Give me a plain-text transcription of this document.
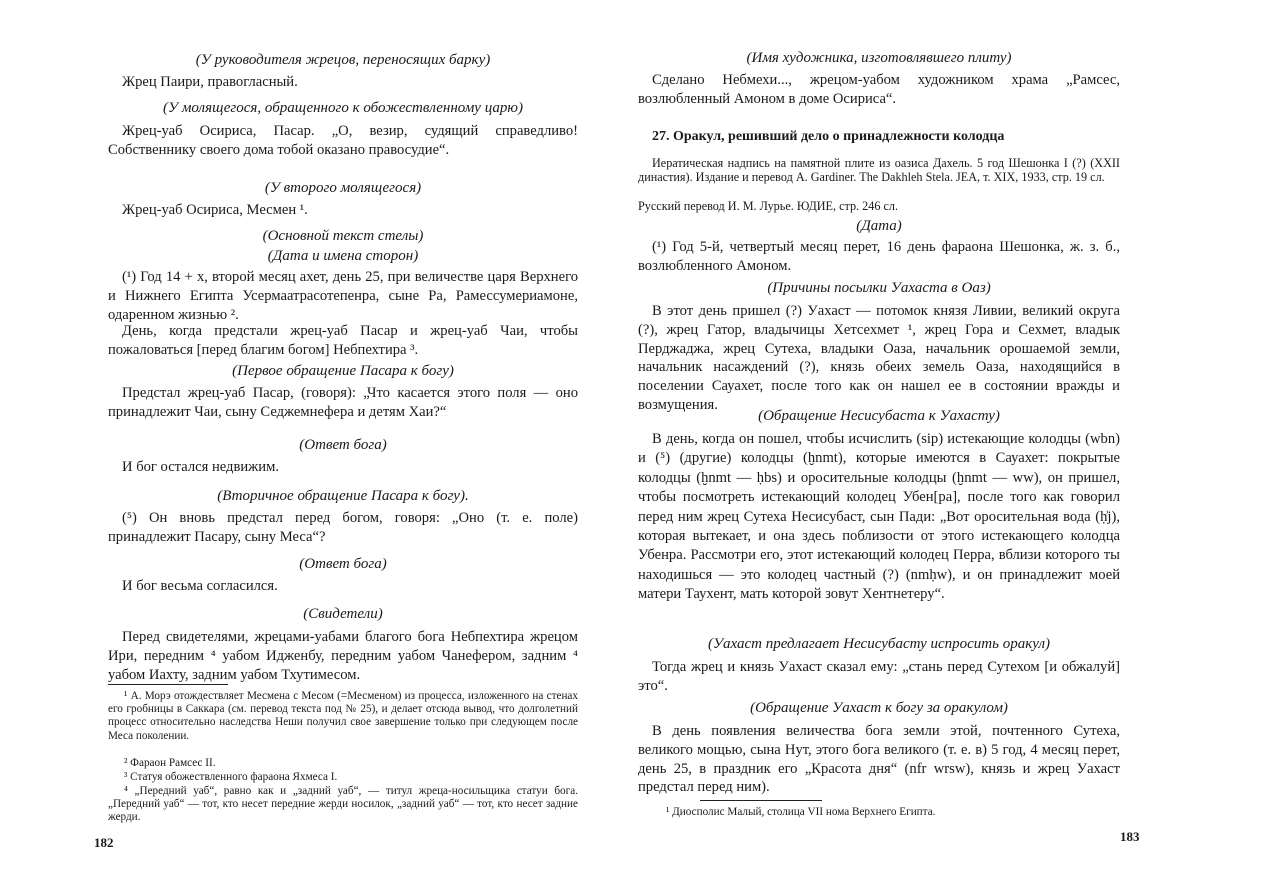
(У руководителя жрецов, переносящих барку)

Жрец Паири, правогласный.

(У молящегося, обращенного к обожествленному царю)

Жрец-уаб Осириса, Пасар. „О, везир, судящий справедливо! Собственнику своего дома тобой оказано правосудие“.

(У второго молящегося)

Жрец-уаб Осириса, Месмен ¹.

(Основной текст стелы)

(Дата и имена сторон)

(¹) Год 14 + x, второй месяц ахет, день 25, при величестве царя Верхнего и Нижнего Египта Усермаатрасотепенра, сыне Ра, Рамессумериамоне, одаренном жизнью ².

День, когда предстали жрец-уаб Пасар и жрец-уаб Чаи, чтобы пожаловаться [перед благим богом] Небпехтира ³.

(Первое обращение Пасара к богу)

Предстал жрец-уаб Пасар, (говоря): „Что касается этого поля — оно принадлежит Чаи, сыну Седжемнефера и детям Хаи?“

(Ответ бога)

И бог остался недвижим.

(Вторичное обращение Пасара к богу).

(⁵) Он вновь предстал перед богом, говоря: „Оно (т. е. поле) принадлежит Пасару, сыну Меса“?

(Ответ бога)

И бог весьма согласился.

(Свидетели)

Перед свидетелями, жрецами-уабами благого бога Небпехтира жрецом Ири, передним ⁴ уабом Идженбу, передним уабом Чанефером, задним ⁴ уабом Иахту, задним уабом Тхутимесом.

¹ А. Морэ отождествляет Месмена с Месом (=Месменом) из процесса, изложенного на стенах его гробницы в Саккара (см. перевод текста под № 25), и делает отсюда вывод, что долголетний процесс относительно наследства Неши получил свое завершение только при следующем после Меса поколении.

² Фараон Рамсес II.

³ Статуя обожествленного фараона Яхмеса I.

⁴ „Передний уаб“, равно как и „задний уаб“, — титул жреца-носильщика статуи бога. „Передний уаб“ — тот, кто несет передние жерди носилок, „задний уаб“ — тот, кто несет задние жерди.

182

(Имя художника, изготовлявшего плиту)

Сделано Небмехи..., жрецом-уабом художником храма „Рамсес, возлюбленный Амоном в доме Осириса“.

27. Оракул, решивший дело о принадлежности колодца

Иератическая надпись на памятной плите из оазиса Дахель. 5 год Шешонка I (?) (XXII династия). Издание и перевод A. Gardiner. The Dakhleh Stela. JEA, т. XIX, 1933, стр. 19 сл.

Русский перевод И. М. Лурье. ЮДИЕ, стр. 246 сл.

(Дата)

(¹) Год 5-й, четвертый месяц перет, 16 день фараона Шешонка, ж. з. б., возлюбленного Амоном.

(Причины посылки Уахаста в Оаз)

В этот день пришел (?) Уахаст — потомок князя Ливии, великий округа (?), жрец Гатор, владычицы Хетсехмет ¹, жрец Гора и Сехмет, владык Перджаджа, жрец Сутеха, владыки Оаза, начальник орошаемой земли, начальник насаждений (?), князь обеих земель Оаза, находящийся в поселении Сауахет, после того как он нашел ее в состоянии вражды и возмущения.

(Обращение Несисубаста к Уахасту)

В день, когда он пошел, чтобы исчислить (sip) истекающие колодцы (wbn) и (⁵) (другие) колодцы (ḫnmt), которые имеются в Сауахет: покрытые колодцы (ḫnmt — ḥbs) и оросительные колодцы (ḫnmt — ww), он пришел, чтобы посмотреть истекающий колодец Убен[ра], после того как говорил перед ним жрец Сутеха Несисубаст, сын Пади: „Вот оросительная вода (ḥ͗j), которая вытекает, и она здесь поблизости от этого истекающего колодца Убенра. Рассмотри его, этот истекающий колодец Перра, вблизи которого ты находишься — это колодец частный (?) (nmḥw), и он принадлежит моей матери Таухент, мать которой зовут Хентнетеру“.

(Уахаст предлагает Несисубасту испросить оракул)

Тогда жрец и князь Уахаст сказал ему: „стань перед Сутехом [и обжалуй] это“.

(Обращение Уахаст к богу за оракулом)

В день появления величества бога земли этой, почтенного Сутеха, великого мощью, сына Нут, этого бога великого (т. е. в) 5 год, 4 месяц перет, день 25, в праздник его „Красота дня“ (nfr wrsw), князь и жрец Уахаст предстал перед ним).

¹ Диосполис Малый, столица VII нома Верхнего Египта.

183
